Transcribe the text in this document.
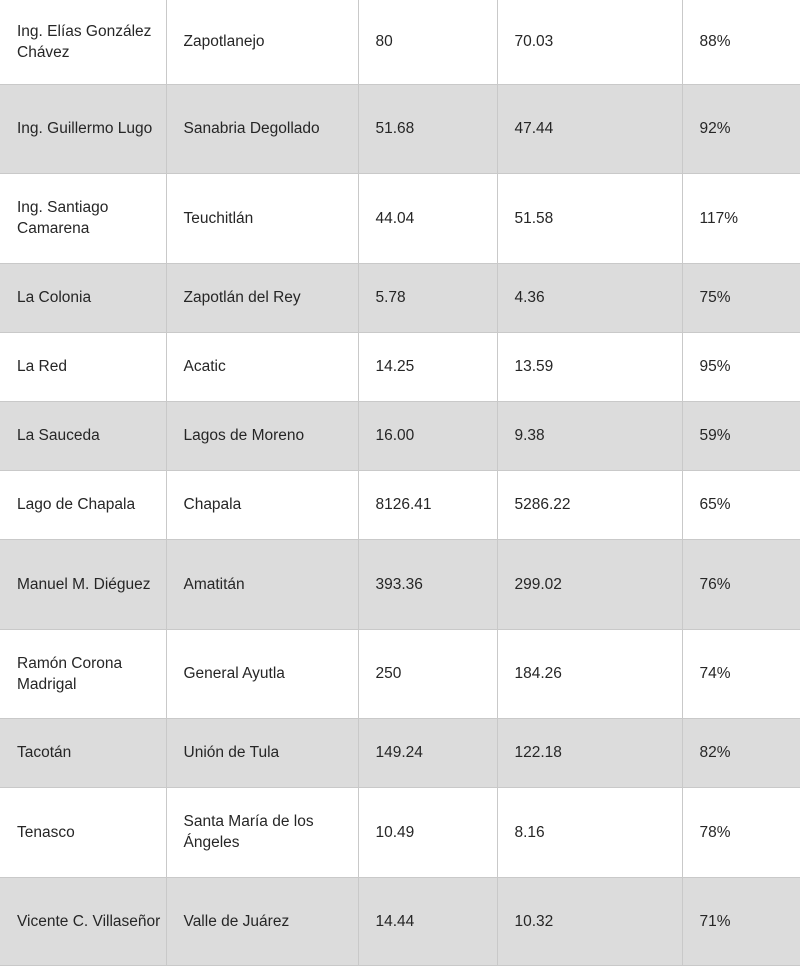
Ing. Elías González Chávez	Zapotlanejo	80	70.03	88%
Ing. Guillermo Lugo	Sanabria Degollado	51.68	47.44	92%
Ing. Santiago Camarena	Teuchitlán	44.04	51.58	117%
La Colonia	Zapotlán del Rey	5.78	4.36	75%
La Red	Acatic	14.25	13.59	95%
La Sauceda	Lagos de Moreno	16.00	9.38	59%
Lago de Chapala	Chapala	8126.41	5286.22	65%
Manuel M. Diéguez	Amatitán	393.36	299.02	76%
Ramón Corona Madrigal	General Ayutla	250	184.26	74%
Tacotán	Unión de Tula	149.24	122.18	82%
Tenasco	Santa María de los Ángeles	10.49	8.16	78%
Vicente C. Villaseñor	Valle de Juárez	14.44	10.32	71%
